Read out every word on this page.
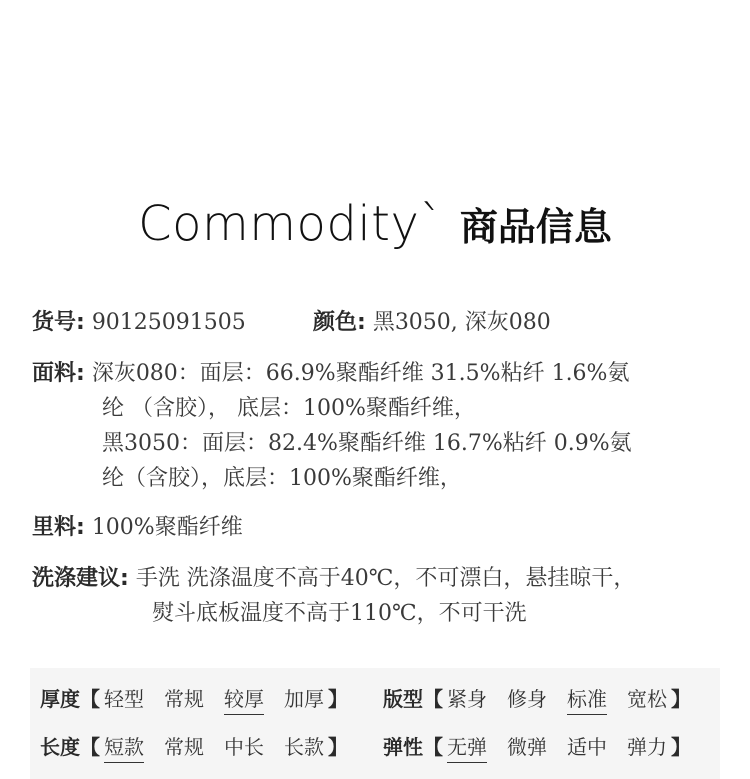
Commodity` 商品信息
货号: 90125091505	颜色: 黑3050, 深灰080
面料: 深灰080：面层：66.9%聚酯纤维 31.5%粘纤 1.6%氨
纶 （含胶）， 底层：100%聚酯纤维，
黑3050：面层：82.4%聚酯纤维 16.7%粘纤 0.9%氨
纶（含胶），底层：100%聚酯纤维，
里料: 100%聚酯纤维
洗涤建议: 手洗 洗涤温度不高于40℃，不可漂白，悬挂晾干，
熨斗底板温度不高于110℃，不可干洗
厚度【 轻型 常规 较厚 加厚 】 版型【 紧身 修身 标准 宽松 】
长度【 短款 常规 中长 长款 】 弹性【 无弹 微弹 适中 弹力 】
